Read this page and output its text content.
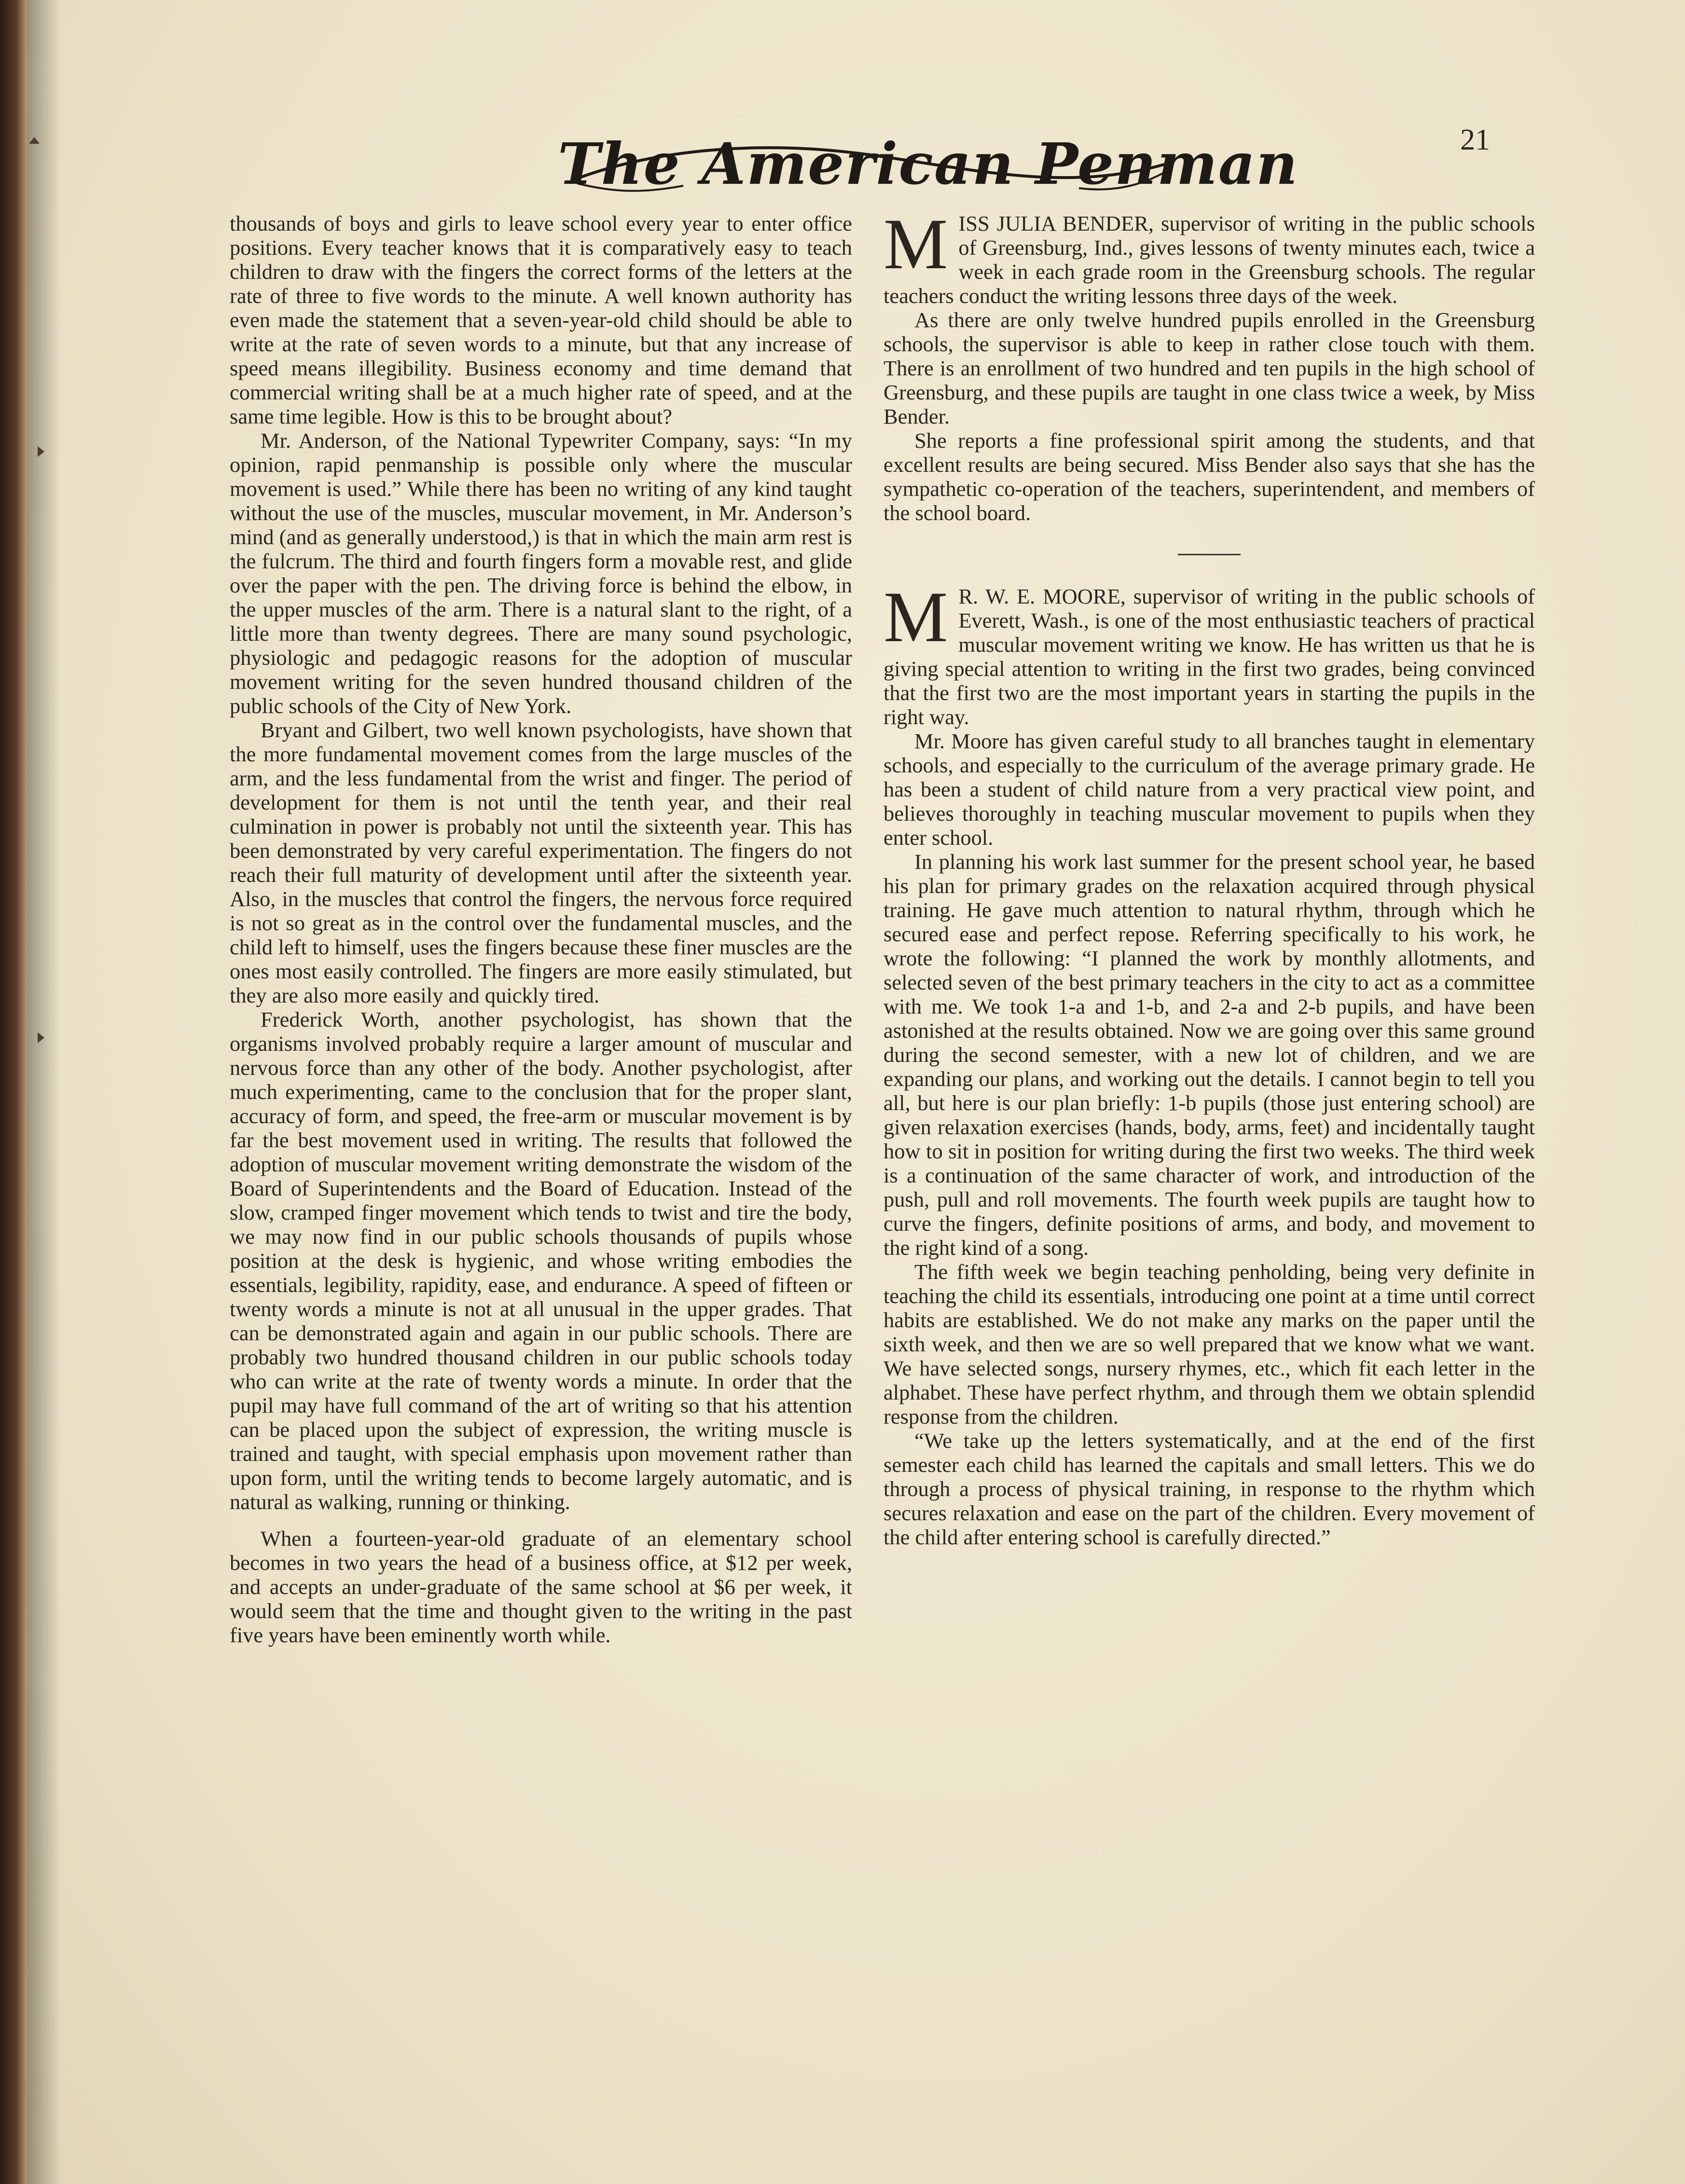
The American Penman	21

thousands of boys and girls to leave school every year to enter office positions. Every teacher knows that it is comparatively easy to teach children to draw with the fingers the correct forms of the letters at the rate of three to five words to the minute. A well known authority has even made the statement that a seven-year-old child should be able to write at the rate of seven words to a minute, but that any increase of speed means illegibility. Business economy and time demand that commercial writing shall be at a much higher rate of speed, and at the same time legible. How is this to be brought about?

Mr. Anderson, of the National Typewriter Company, says: “In my opinion, rapid penmanship is possible only where the muscular movement is used.” While there has been no writing of any kind taught without the use of the muscles, muscular movement, in Mr. Anderson’s mind (and as generally understood,) is that in which the main arm rest is the fulcrum. The third and fourth fingers form a movable rest, and glide over the paper with the pen. The driving force is behind the elbow, in the upper muscles of the arm. There is a natural slant to the right, of a little more than twenty degrees. There are many sound psychologic, physiologic and pedagogic reasons for the adoption of muscular movement writing for the seven hundred thousand children of the public schools of the City of New York.

Bryant and Gilbert, two well known psychologists, have shown that the more fundamental movement comes from the large muscles of the arm, and the less fundamental from the wrist and finger. The period of development for them is not until the tenth year, and their real culmination in power is probably not until the sixteenth year. This has been demonstrated by very careful experimentation. The fingers do not reach their full maturity of development until after the sixteenth year. Also, in the muscles that control the fingers, the nervous force required is not so great as in the control over the fundamental muscles, and the child left to himself, uses the fingers because these finer muscles are the ones most easily controlled. The fingers are more easily stimulated, but they are also more easily and quickly tired.

Frederick Worth, another psychologist, has shown that the organisms involved probably require a larger amount of muscular and nervous force than any other of the body. Another psychologist, after much experimenting, came to the conclusion that for the proper slant, accuracy of form, and speed, the free-arm or muscular movement is by far the best movement used in writing. The results that followed the adoption of muscular movement writing demonstrate the wisdom of the Board of Superintendents and the Board of Education. Instead of the slow, cramped finger movement which tends to twist and tire the body, we may now find in our public schools thousands of pupils whose position at the desk is hygienic, and whose writing embodies the essentials, legibility, rapidity, ease, and endurance. A speed of fifteen or twenty words a minute is not at all unusual in the upper grades. That can be demonstrated again and again in our public schools. There are probably two hundred thousand children in our public schools today who can write at the rate of twenty words a minute. In order that the pupil may have full command of the art of writing so that his attention can be placed upon the subject of expression, the writing muscle is trained and taught, with special emphasis upon movement rather than upon form, until the writing tends to become largely automatic, and is natural as walking, running or thinking.

When a fourteen-year-old graduate of an elementary school becomes in two years the head of a business office, at $12 per week, and accepts an under-graduate of the same school at $6 per week, it would seem that the time and thought given to the writing in the past five years have been eminently worth while.

MISS JULIA BENDER, supervisor of writing in the public schools of Greensburg, Ind., gives lessons of twenty minutes each, twice a week in each grade room in the Greensburg schools. The regular teachers conduct the writing lessons three days of the week.

As there are only twelve hundred pupils enrolled in the Greensburg schools, the supervisor is able to keep in rather close touch with them. There is an enrollment of two hundred and ten pupils in the high school of Greensburg, and these pupils are taught in one class twice a week, by Miss Bender.

She reports a fine professional spirit among the students, and that excellent results are being secured. Miss Bender also says that she has the sympathetic co-operation of the teachers, superintendent, and members of the school board.

M R. W. E. MOORE, supervisor of writing in the public schools of Everett, Wash., is one of the most enthusiastic teachers of practical muscular movement writing we know. He has written us that he is giving special attention to writing in the first two grades, being convinced that the first two are the most important years in starting the pupils in the right way.

Mr. Moore has given careful study to all branches taught in elementary schools, and especially to the curriculum of the average primary grade. He has been a student of child nature from a very practical view point, and believes thoroughly in teaching muscular movement to pupils when they enter school.

In planning his work last summer for the present school year, he based his plan for primary grades on the relaxation acquired through physical training. He gave much attention to natural rhythm, through which he secured ease and perfect repose. Referring specifically to his work, he wrote the following: “I planned the work by monthly allotments, and selected seven of the best primary teachers in the city to act as a committee with me. We took 1-a and 1-b, and 2-a and 2-b pupils, and have been astonished at the results obtained. Now we are going over this same ground during the second semester, with a new lot of children, and we are expanding our plans, and working out the details. I cannot begin to tell you all, but here is our plan briefly: 1-b pupils (those just entering school) are given relaxation exercises (hands, body, arms, feet) and incidentally taught how to sit in position for writing during the first two weeks. The third week is a continuation of the same character of work, and introduction of the push, pull and roll movements. The fourth week pupils are taught how to curve the fingers, definite positions of arms, and body, and movement to the right kind of a song.

The fifth week we begin teaching penholding, being very definite in teaching the child its essentials, introducing one point at a time until correct habits are established. We do not make any marks on the paper until the sixth week, and then we are so well prepared that we know what we want. We have selected songs, nursery rhymes, etc., which fit each letter in the alphabet. These have perfect rhythm, and through them we obtain splendid response from the children.

“We take up the letters systematically, and at the end of the first semester each child has learned the capitals and small letters. This we do through a process of physical training, in response to the rhythm which secures relaxation and ease on the part of the children. Every movement of the child after entering school is carefully directed.”
